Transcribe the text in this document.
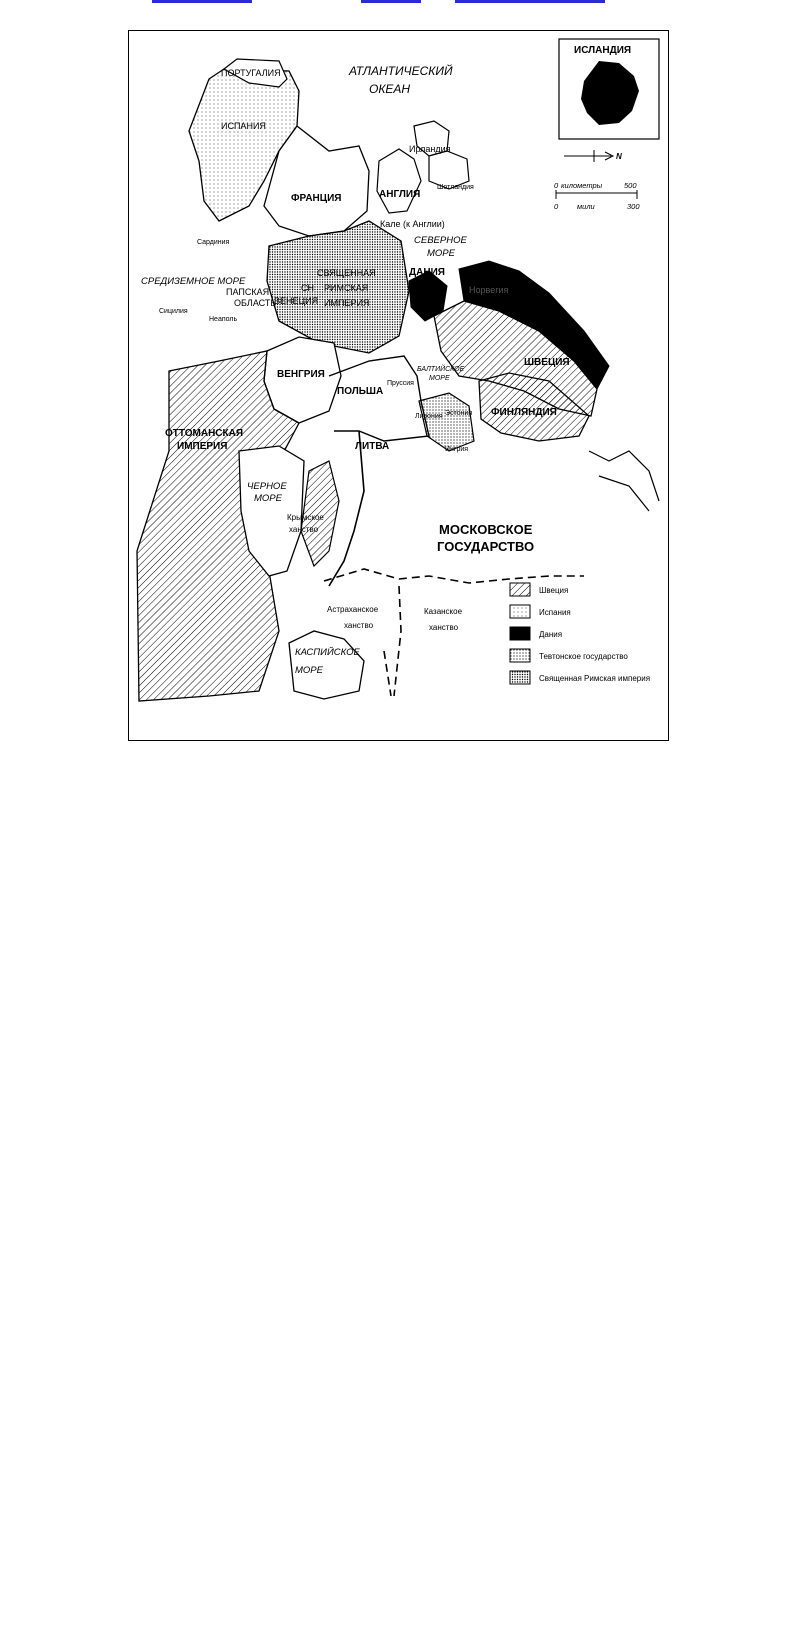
ПОРТУГАЛИЯ
ИСПАНИЯ
АТЛАНТИЧЕСКИЙ
ОКЕАН
ИСЛАНДИЯ
Ирландия
Шотландия
АНГЛИЯ
ФРАНЦИЯ
Кале (к Англии)
СЕВЕРНОЕ
МОРЕ
Сардиния
СРЕДИЗЕМНОЕ МОРЕ
ПАПСКАЯ
ОБЛАСТЬ
Сицилия
Неаполь
ВЕНЕЦИЯ
СН
СВЯЩЕННАЯ
РИМСКАЯ
ИМПЕРИЯ
ДАНИЯ
Норвегия
ШВЕЦИЯ
ФИНЛЯНДИЯ
ВЕНГРИЯ
ПОЛЬША
Пруссия
БАЛТИЙСКОЕ
МОРЕ
Ливония Эстония
Ингрия
ЛИТВА
ОТТОМАНСКАЯ
ИМПЕРИЯ
ЧЕРНОЕ
МОРЕ
Крымское
ханство	МОСКОВСКОЕ
ГОСУДАРСТВО
Астраханское
ханство
Казанское
ханство
КАСПИЙСКОЕ
МОРЕ
N
0 километры	500
0	мили	300
Швеция
Испания
Дания
Тевтонское государство
Священная Римская империя
